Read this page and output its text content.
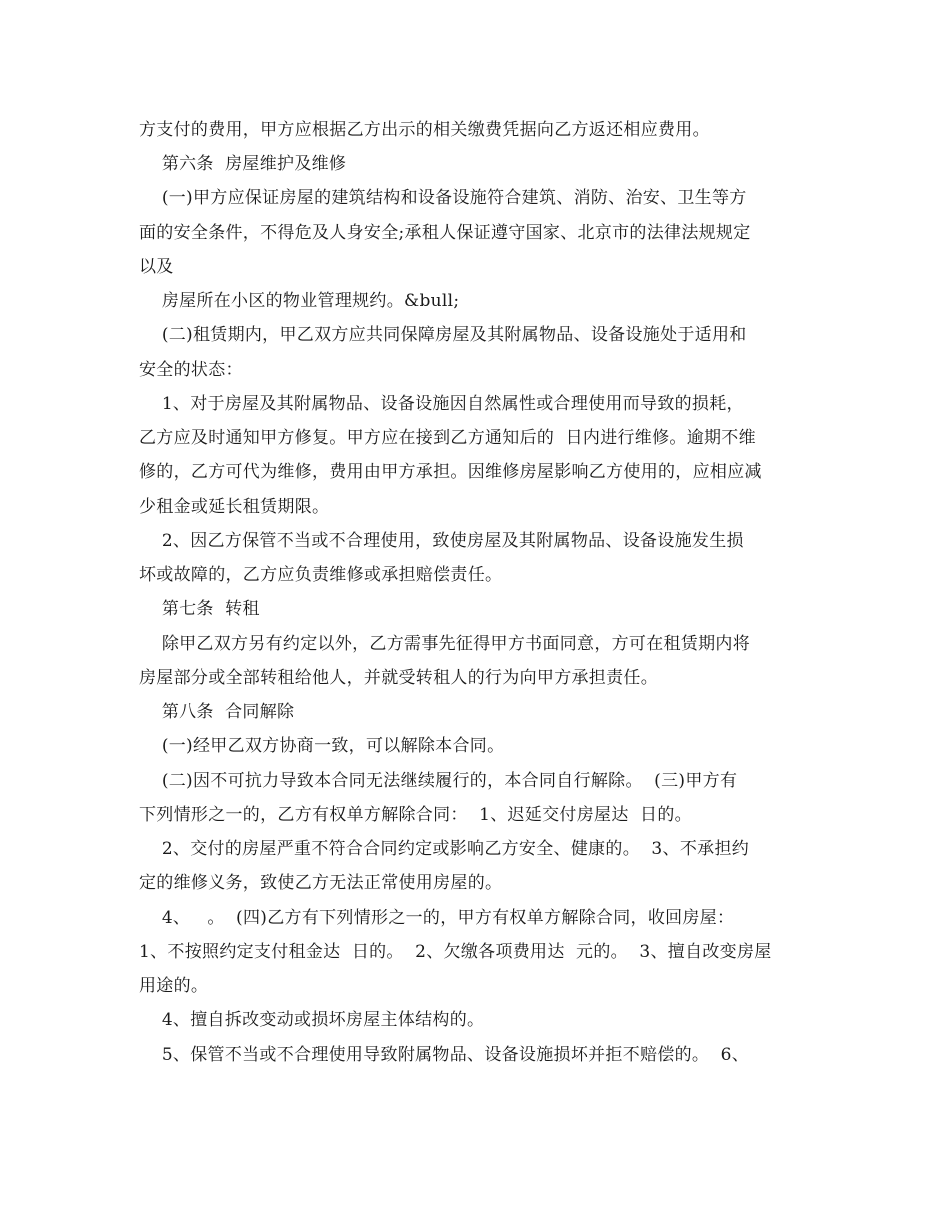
方支付的费用，甲方应根据乙方出示的相关缴费凭据向乙方返还相应费用。
第六条  房屋维护及维修
(一)甲方应保证房屋的建筑结构和设备设施符合建筑、消防、治安、卫生等方
面的安全条件，不得危及人身安全;承租人保证遵守国家、北京市的法律法规规定
以及
房屋所在小区的物业管理规约。&bull;
(二)租赁期内，甲乙双方应共同保障房屋及其附属物品、设备设施处于适用和
安全的状态：
1、对于房屋及其附属物品、设备设施因自然属性或合理使用而导致的损耗，
乙方应及时通知甲方修复。甲方应在接到乙方通知后的  日内进行维修。逾期不维
修的，乙方可代为维修，费用由甲方承担。因维修房屋影响乙方使用的，应相应减
少租金或延长租赁期限。
2、因乙方保管不当或不合理使用，致使房屋及其附属物品、设备设施发生损
坏或故障的，乙方应负责维修或承担赔偿责任。
第七条  转租
除甲乙双方另有约定以外，乙方需事先征得甲方书面同意，方可在租赁期内将
房屋部分或全部转租给他人，并就受转租人的行为向甲方承担责任。
第八条  合同解除
(一)经甲乙双方协商一致，可以解除本合同。
(二)因不可抗力导致本合同无法继续履行的，本合同自行解除。  (三)甲方有
下列情形之一的，乙方有权单方解除合同：  1、迟延交付房屋达  日的。
2、交付的房屋严重不符合合同约定或影响乙方安全、健康的。  3、不承担约
定的维修义务，致使乙方无法正常使用房屋的。
4、   。  (四)乙方有下列情形之一的，甲方有权单方解除合同，收回房屋：
1、不按照约定支付租金达  日的。  2、欠缴各项费用达  元的。  3、擅自改变房屋
用途的。
4、擅自拆改变动或损坏房屋主体结构的。
5、保管不当或不合理使用导致附属物品、设备设施损坏并拒不赔偿的。  6、
